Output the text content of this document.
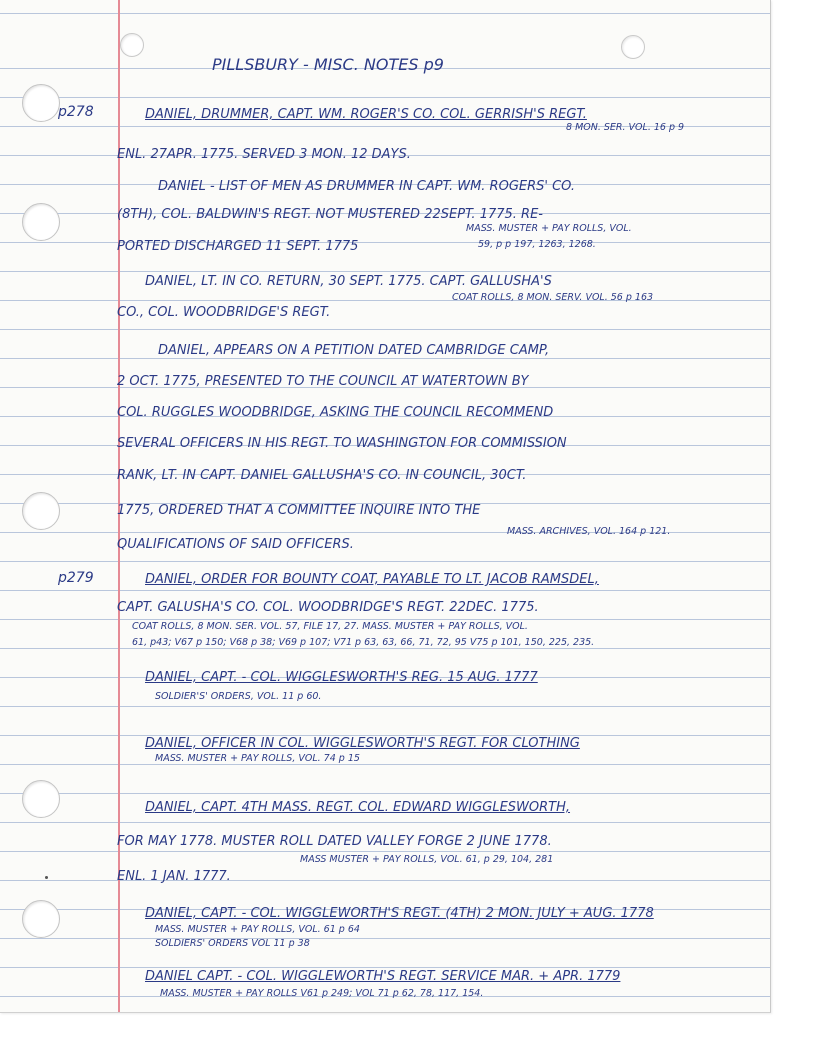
PILLSBURY - MISC. NOTES p9

p278

p279

DANIEL, DRUMMER, CAPT. WM. ROGER'S CO. COL. GERRISH'S REGT.

8 MON. SER. VOL. 16 p 9

ENL. 27APR. 1775. SERVED 3 MON. 12 DAYS.

DANIEL - LIST OF MEN AS DRUMMER IN CAPT. WM. ROGERS' CO.

(8TH), COL. BALDWIN'S REGT. NOT MUSTERED 22SEPT. 1775. RE-

MASS. MUSTER + PAY ROLLS, VOL.

PORTED DISCHARGED 11 SEPT. 1775	59, p p 197, 1263, 1268.

DANIEL, LT. IN CO. RETURN, 30 SEPT. 1775. CAPT. GALLUSHA'S

COAT ROLLS, 8 MON. SERV. VOL. 56 p 163

CO., COL. WOODBRIDGE'S REGT.

DANIEL, APPEARS ON A PETITION DATED CAMBRIDGE CAMP,

2 OCT. 1775, PRESENTED TO THE COUNCIL AT WATERTOWN BY

COL. RUGGLES WOODBRIDGE, ASKING THE COUNCIL RECOMMEND

SEVERAL OFFICERS IN HIS REGT. TO WASHINGTON FOR COMMISSION

RANK, LT. IN CAPT. DANIEL GALLUSHA'S CO. IN COUNCIL, 30CT.

1775, ORDERED THAT A COMMITTEE INQUIRE INTO THE

MASS. ARCHIVES, VOL. 164 p 121.

QUALIFICATIONS OF SAID OFFICERS.

DANIEL, ORDER FOR BOUNTY COAT, PAYABLE TO LT. JACOB RAMSDEL,

CAPT. GALUSHA'S CO. COL. WOODBRIDGE'S REGT. 22DEC. 1775.

COAT ROLLS, 8 MON. SER. VOL. 57, FILE 17, 27. MASS. MUSTER + PAY ROLLS, VOL.

61, p43; V67 p 150; V68 p 38; V69 p 107; V71 p 63, 63, 66, 71, 72, 95 V75 p 101, 150, 225, 235.

DANIEL, CAPT. - COL. WIGGLESWORTH'S REG. 15 AUG. 1777

SOLDIER'S' ORDERS, VOL. 11 p 60.

DANIEL, OFFICER IN COL. WIGGLESWORTH'S REGT. FOR CLOTHING

MASS. MUSTER + PAY ROLLS, VOL. 74 p 15

DANIEL, CAPT. 4TH MASS. REGT. COL. EDWARD WIGGLESWORTH,

FOR MAY 1778. MUSTER ROLL DATED VALLEY FORGE 2 JUNE 1778.

MASS MUSTER + PAY ROLLS, VOL. 61, p 29, 104, 281

ENL. 1 JAN. 1777.

DANIEL, CAPT. - COL. WIGGLEWORTH'S REGT. (4TH) 2 MON. JULY + AUG. 1778

MASS. MUSTER + PAY ROLLS, VOL. 61 p 64

SOLDIERS' ORDERS VOL 11 p 38

DANIEL CAPT. - COL. WIGGLEWORTH'S REGT. SERVICE MAR. + APR. 1779

MASS. MUSTER + PAY ROLLS V61 p 249; VOL 71 p 62, 78, 117, 154.
